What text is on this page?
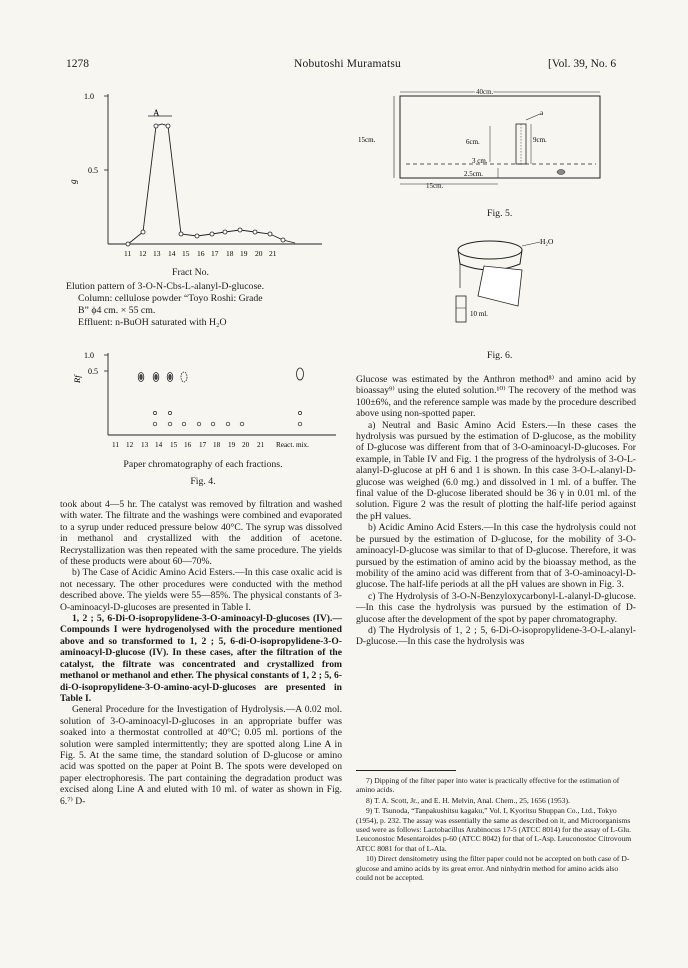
1278	Nobutoshi Muramatsu	[Vol. 39, No. 6
1.0
0.5
g
A
11 12 13 14 15 16 17 18 19 20 21
Fract No.
Elution pattern of 3-O-N-Cbs-L-alanyl-D-glucose.
Column: cellulose powder “Toyo Roshi: Grade
B” ϕ4 cm. × 55 cm.
Effluent: n-BuOH saturated with H₂O
1.0
0.5
Rf
11 12 13 14 15 16 17 18 19 20 21 React. mix.
Paper chromatography of each fractions.
Fig. 4.
40cm.
15cm.
a
9cm.
6cm.
3 cm.
2.5cm.
15cm.
Fig. 5.
H₂O
10 ml.
Fig. 6.

took about 4—5 hr. The catalyst was removed by filtration and washed with water. The filtrate and the washings were combined and evaporated to a syrup under reduced pressure below 40°C. The syrup was dissolved in methanol and crystallized with the addition of acetone. Recrystallization was then repeated with the same procedure. The yields of these products were about 60—70%.

b) The Case of Acidic Amino Acid Esters.—In this case oxalic acid is not necessary. The other procedures were conducted with the method described above. The yields were 55—85%. The physical constants of 3-O-aminoacyl-D-glucoses are presented in Table I.

1, 2 ; 5, 6-Di-O-isopropylidene-3-O-aminoacyl-D-glucoses (IV).—Compounds I were hydrogenolysed with the procedure mentioned above and so transformed to 1, 2 ; 5, 6-di-O-isopropylidene-3-O-aminoacyl-D-glucose (IV). In these cases, after the filtration of the catalyst, the filtrate was concentrated and crystallized from methanol or methanol and ether. The physical constants of 1, 2 ; 5, 6-di-O-isopropylidene-3-O-amino-acyl-D-glucoses are presented in Table I.

General Procedure for the Investigation of Hydrolysis.—A 0.02 mol. solution of 3-O-aminoacyl-D-glucoses in an appropriate buffer was soaked into a thermostat controlled at 40°C; 0.05 ml. portions of the solution were sampled intermittently; they are spotted along Line A in Fig. 5. At the same time, the standard solution of D-glucose or amino acid was spotted on the paper at Point B. The spots were developed on paper electrophoresis. The part containing the degradation product was excised along Line A and eluted with 10 ml. of water as shown in Fig. 6.⁷⁾ D-

Glucose was estimated by the Anthron method⁸⁾ and amino acid by bioassay⁹⁾ using the eluted solution.¹⁰⁾ The recovery of the method was 100±6%, and the reference sample was made by the procedure described above using non-spotted paper.

a) Neutral and Basic Amino Acid Esters.—In these cases the hydrolysis was pursued by the estimation of D-glucose, as the mobility of D-glucose was different from that of 3-O-aminoacyl-D-glucoses. For example, in Table IV and Fig. 1 the progress of the hydrolysis of 3-O-L-alanyl-D-glucose at pH 6 and 1 is shown. In this case 3-O-L-alanyl-D-glucose was weighed (6.0 mg.) and dissolved in 1 ml. of a buffer. The final value of the D-glucose liberated should be 36 γ in 0.01 ml. of the solution. Figure 2 was the result of plotting the half-life period against the pH values.

b) Acidic Amino Acid Esters.—In this case the hydrolysis could not be pursued by the estimation of D-glucose, for the mobility of 3-O-aminoacyl-D-glucose was similar to that of D-glucose. Therefore, it was pursued by the estimation of amino acid by the bioassay method, as the mobility of the amino acid was different from that of 3-O-aminoacyl-D-glucose. The half-life periods at all the pH values are shown in Fig. 3.

c) The Hydrolysis of 3-O-N-Benzyloxycarbonyl-L-alanyl-D-glucose.—In this case the hydrolysis was pursued by the estimation of D-glucose after the development of the spot by paper chromatography.

d) The Hydrolysis of 1, 2 ; 5, 6-Di-O-isopropylidene-3-O-L-alanyl-D-glucose.—In this case the hydrolysis was

7) Dipping of the filter paper into water is practically effective for the estimation of amino acids.

8) T. A. Scott, Jr., and E. H. Melvin, Anal. Chem., 25, 1656 (1953).

9) T. Tsunoda, “Tanpakushitsu kagaku,” Vol. I, Kyoritsu Shuppan Co., Ltd., Tokyo (1954), p. 232. The assay was essentially the same as described on it, and Microorganisms used were as follows: Lactobacillus Arabinocus 17-5 (ATCC 8014) for the assay of L-Glu. Leuconostoc Mesentaroides p-60 (ATCC 8042) for that of L-Asp. Leuconostoc Citrovoum ATCC 8081 for that of L-Ala.

10) Direct densitometry using the filter paper could not be accepted on both case of D-glucose and amino acids by its great error. And ninhydrin method for amino acids also could not be accepted.
